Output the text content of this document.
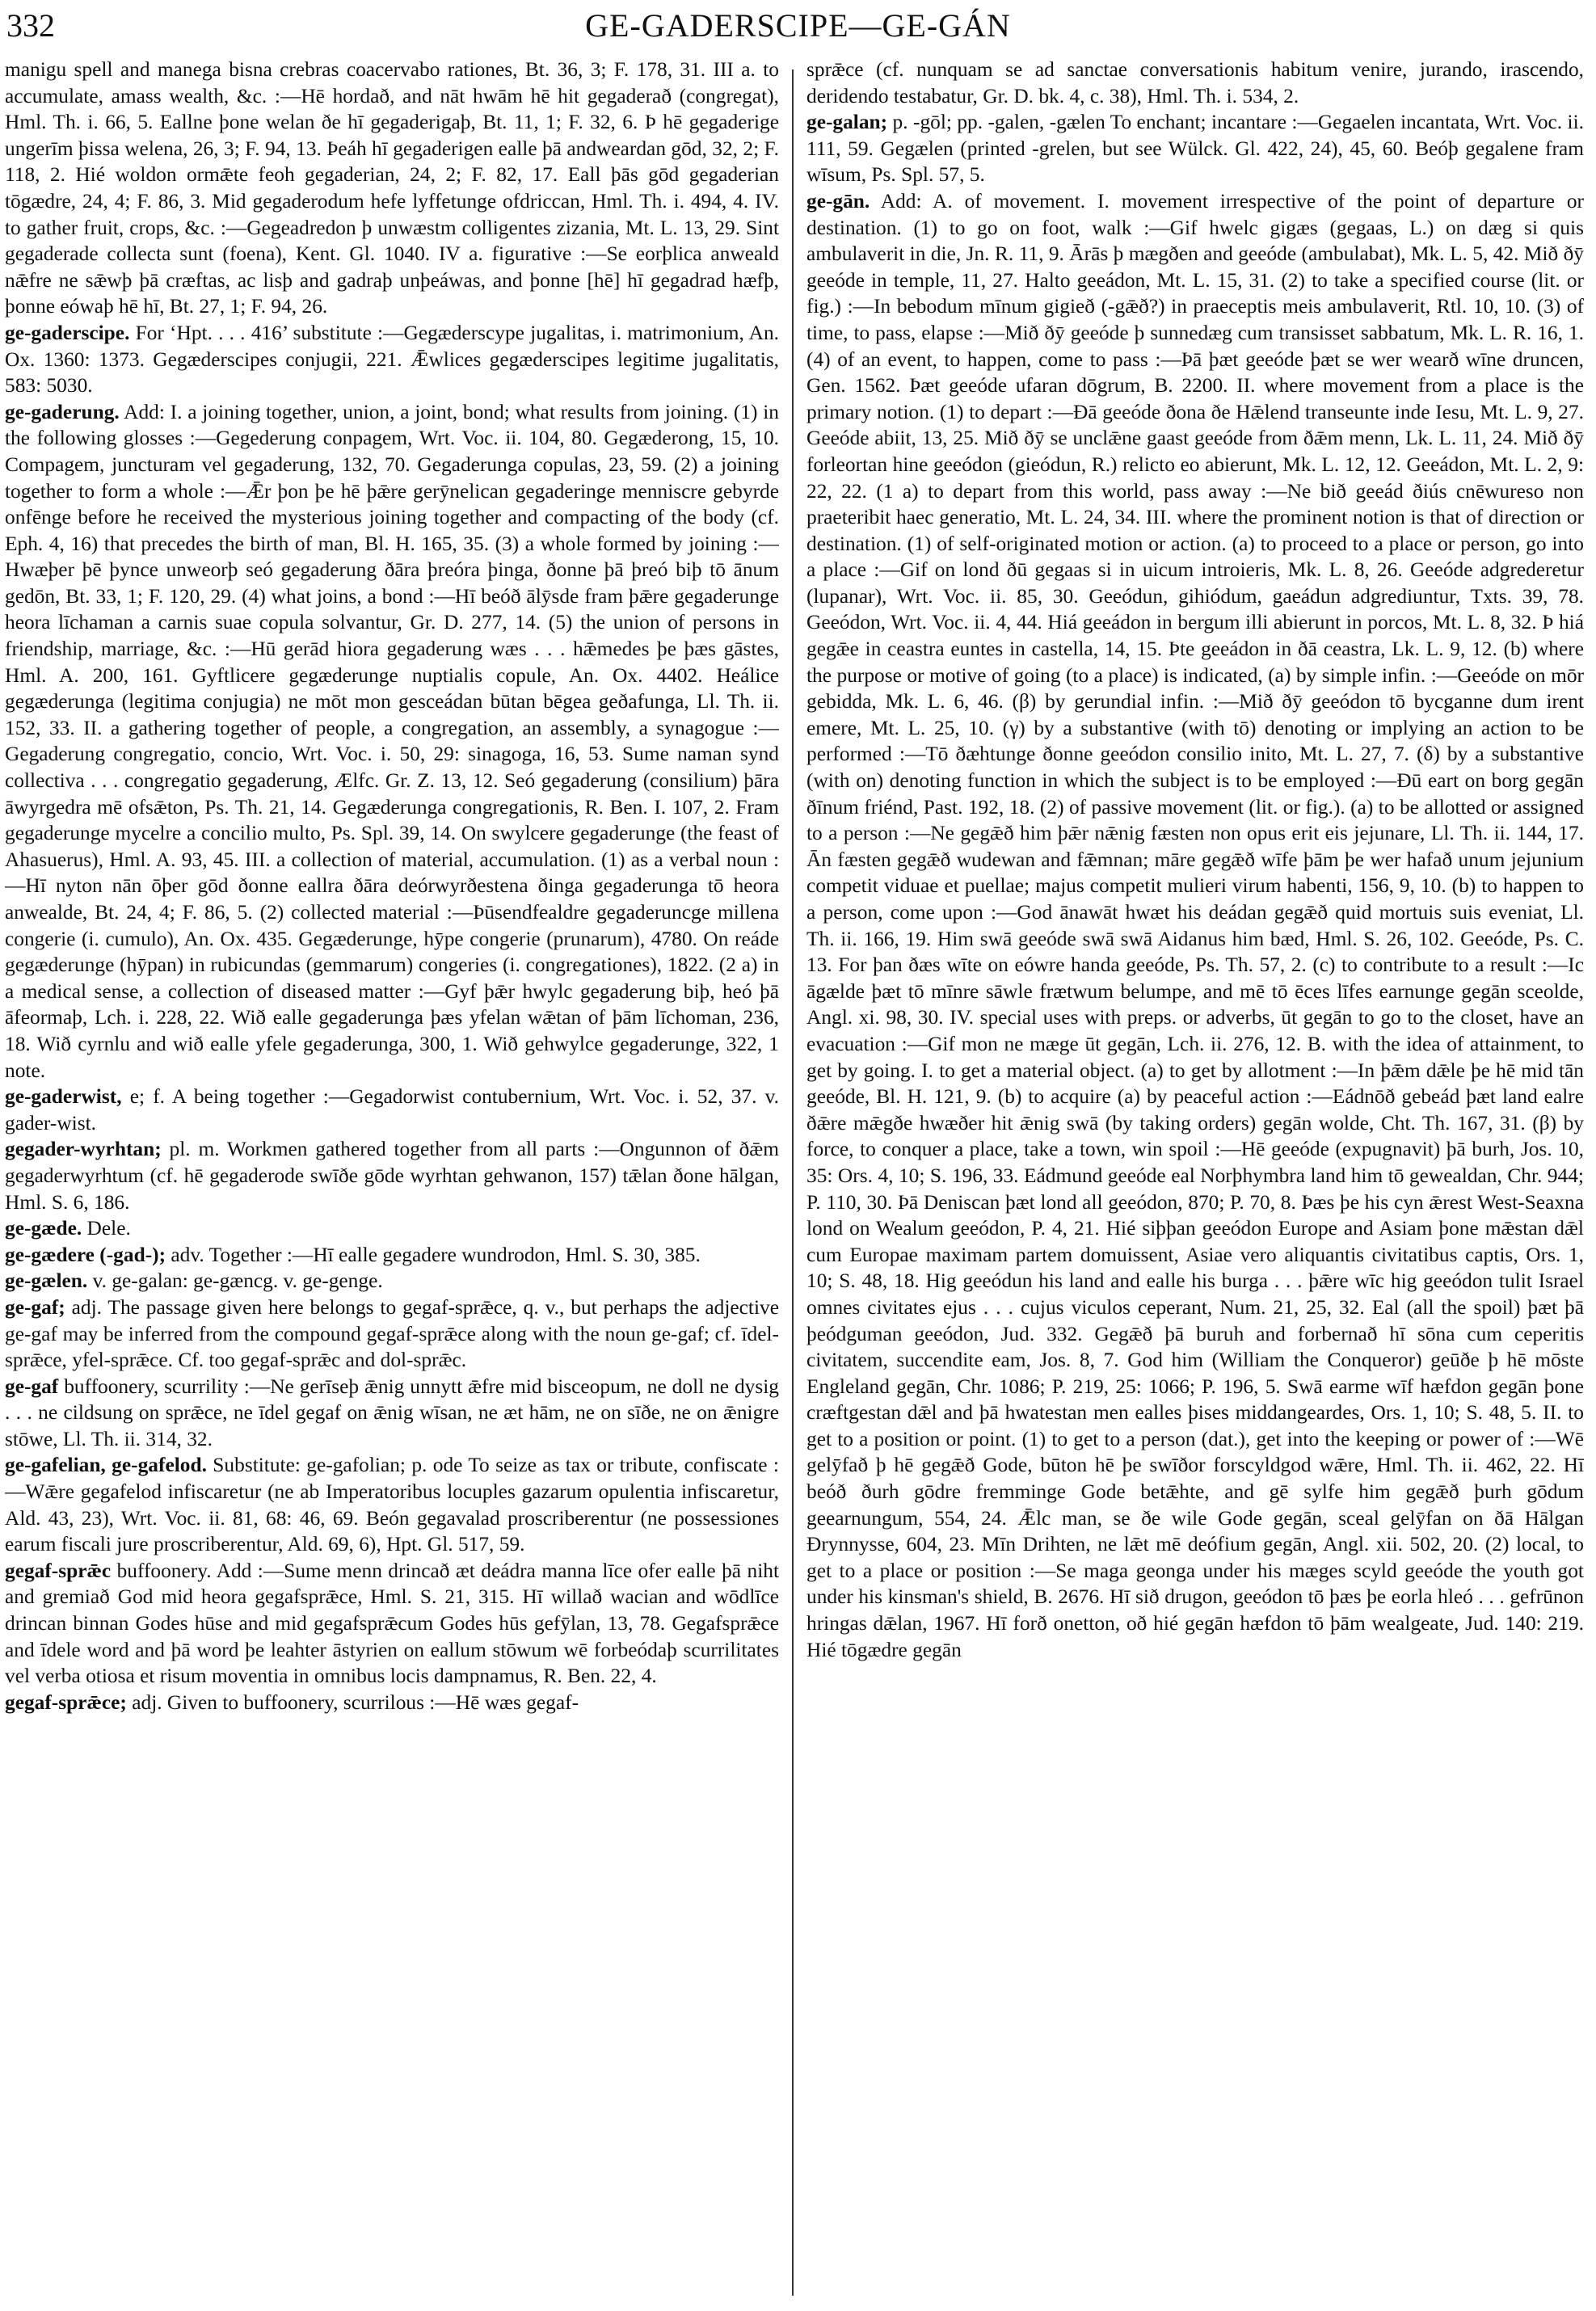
332	GE-GADERSCIPE—GE-GÁN

manigu spell and manega bisna crebras coacervabo rationes, Bt. 36, 3; F. 178, 31. III a. to accumulate, amass wealth, &c. :—Hē hordað, and nāt hwām hē hit gegaderað (congregat), Hml. Th. i. 66, 5. Eallne þone welan ðe hī gegaderigaþ, Bt. 11, 1; F. 32, 6. Þ hē gegaderige ungerīm þissa welena, 26, 3; F. 94, 13. Þeáh hī gegaderigen ealle þā andweardan gōd, 32, 2; F. 118, 2. Hié woldon ormǣte feoh gegaderian, 24, 2; F. 82, 17. Eall þās gōd gegaderian tōgædre, 24, 4; F. 86, 3. Mid gegaderodum hefe lyffetunge ofdriccan, Hml. Th. i. 494, 4. IV. to gather fruit, crops, &c. :—Gegeadredon þ unwæstm colligentes zizania, Mt. L. 13, 29. Sint gegaderade collecta sunt (foena), Kent. Gl. 1040. IV a. figurative :—Se eorþlica anweald nǣfre ne sǣwþ þā cræftas, ac lisþ and gadraþ unþeáwas, and þonne [hē] hī gegadrad hæfþ, þonne eówaþ hē hī, Bt. 27, 1; F. 94, 26.

ge-gaderscipe. For ‘Hpt. . . . 416’ substitute :—Gegæderscype jugalitas, i. matrimonium, An. Ox. 1360: 1373. Gegæderscipes conjugii, 221. Ǣwlices gegæderscipes legitime jugalitatis, 583: 5030.

ge-gaderung. Add: I. a joining together, union, a joint, bond; what results from joining. (1) in the following glosses :—Gegederung conpagem, Wrt. Voc. ii. 104, 80. Gegæderong, 15, 10. Compagem, juncturam vel gegaderung, 132, 70. Gegaderunga copulas, 23, 59. (2) a joining together to form a whole :—Ǣr þon þe hē þǣre gerȳnelican gegaderinge menniscre gebyrde onfēnge before he received the mysterious joining together and compacting of the body (cf. Eph. 4, 16) that precedes the birth of man, Bl. H. 165, 35. (3) a whole formed by joining :—Hwæþer þē þynce unweorþ seó gegaderung ðāra þreóra þinga, ðonne þā þreó biþ tō ānum gedōn, Bt. 33, 1; F. 120, 29. (4) what joins, a bond :—Hī beóð ālȳsde fram þǣre gegaderunge heora līchaman a carnis suae copula solvantur, Gr. D. 277, 14. (5) the union of persons in friendship, marriage, &c. :—Hū gerād hiora gegaderung wæs . . . hǣmedes þe þæs gāstes, Hml. A. 200, 161. Gyftlicere gegæderunge nuptialis copule, An. Ox. 4402. Heálice gegæderunga (legitima conjugia) ne mōt mon gesceádan būtan bēgea geðafunga, Ll. Th. ii. 152, 33. II. a gathering together of people, a congregation, an assembly, a synagogue :—Gegaderung congregatio, concio, Wrt. Voc. i. 50, 29: sinagoga, 16, 53. Sume naman synd collectiva . . . congregatio gegaderung, Ælfc. Gr. Z. 13, 12. Seó gegaderung (consilium) þāra āwyrgedra mē ofsǣton, Ps. Th. 21, 14. Gegæderunga congregationis, R. Ben. I. 107, 2. Fram gegaderunge mycelre a concilio multo, Ps. Spl. 39, 14. On swylcere gegaderunge (the feast of Ahasuerus), Hml. A. 93, 45. III. a collection of material, accumulation. (1) as a verbal noun :—Hī nyton nān ōþer gōd ðonne eallra ðāra deórwyrðestena ðinga gegaderunga tō heora anwealde, Bt. 24, 4; F. 86, 5. (2) collected material :—Þūsendfealdre gegaderuncge millena congerie (i. cumulo), An. Ox. 435. Gegæderunge, hȳpe congerie (prunarum), 4780. On reáde gegæderunge (hȳpan) in rubicundas (gemmarum) congeries (i. congregationes), 1822. (2 a) in a medical sense, a collection of diseased matter :—Gyf þǣr hwylc gegaderung biþ, heó þā āfeormaþ, Lch. i. 228, 22. Wið ealle gegaderunga þæs yfelan wǣtan of þām līchoman, 236, 18. Wið cyrnlu and wið ealle yfele gegaderunga, 300, 1. Wið gehwylce gegaderunge, 322, 1 note.

ge-gaderwist, e; f. A being together :—Gegadorwist contubernium, Wrt. Voc. i. 52, 37. v. gader-wist.

gegader-wyrhtan; pl. m. Workmen gathered together from all parts :—Ongunnon of ðǣm gegaderwyrhtum (cf. hē gegaderode swīðe gōde wyrhtan gehwanon, 157) tǣlan ðone hālgan, Hml. S. 6, 186.

ge-gæde. Dele.

ge-gædere (-gad-); adv. Together :—Hī ealle gegadere wundrodon, Hml. S. 30, 385.

ge-gælen. v. ge-galan: ge-gæncg. v. ge-genge.

ge-gaf; adj. The passage given here belongs to gegaf-sprǣce, q. v., but perhaps the adjective ge-gaf may be inferred from the compound gegaf-sprǣce along with the noun ge-gaf; cf. īdel-sprǣce, yfel-sprǣce. Cf. too gegaf-sprǣc and dol-sprǣc.

ge-gaf buffoonery, scurrility :—Ne gerīseþ ǣnig unnytt ǣfre mid bisceopum, ne doll ne dysig . . . ne cildsung on sprǣce, ne īdel gegaf on ǣnig wīsan, ne æt hām, ne on sīðe, ne on ǣnigre stōwe, Ll. Th. ii. 314, 32.

ge-gafelian, ge-gafelod. Substitute: ge-gafolian; p. ode To seize as tax or tribute, confiscate :—Wǣre gegafelod infiscaretur (ne ab Imperatoribus locuples gazarum opulentia infiscaretur, Ald. 43, 23), Wrt. Voc. ii. 81, 68: 46, 69. Beón gegavalad proscriberentur (ne possessiones earum fiscali jure proscriberentur, Ald. 69, 6), Hpt. Gl. 517, 59.

gegaf-sprǣc buffoonery. Add :—Sume menn drincað æt deádra manna līce ofer ealle þā niht and gremiað God mid heora gegafsprǣce, Hml. S. 21, 315. Hī willað wacian and wōdlīce drincan binnan Godes hūse and mid gegafsprǣcum Godes hūs gefȳlan, 13, 78. Gegafsprǣce and īdele word and þā word þe leahter āstyrien on eallum stōwum wē forbeódaþ scurrilitates vel verba otiosa et risum moventia in omnibus locis dampnamus, R. Ben. 22, 4.

gegaf-sprǣce; adj. Given to buffoonery, scurrilous :—Hē wæs gegaf-

sprǣce (cf. nunquam se ad sanctae conversationis habitum venire, jurando, irascendo, deridendo testabatur, Gr. D. bk. 4, c. 38), Hml. Th. i. 534, 2.

ge-galan; p. -gōl; pp. -galen, -gælen To enchant; incantare :—Gegaelen incantata, Wrt. Voc. ii. 111, 59. Gegælen (printed -grelen, but see Wülck. Gl. 422, 24), 45, 60. Beóþ gegalene fram wīsum, Ps. Spl. 57, 5.

ge-gān. Add: A. of movement. I. movement irrespective of the point of departure or destination. (1) to go on foot, walk :—Gif hwelc gigæs (gegaas, L.) on dæg si quis ambulaverit in die, Jn. R. 11, 9. Ārās þ mægðen and geeóde (ambulabat), Mk. L. 5, 42. Mið ðȳ geeóde in temple, 11, 27. Halto geeádon, Mt. L. 15, 31. (2) to take a specified course (lit. or fig.) :—In bebodum mīnum gigieð (-gǣð?) in praeceptis meis ambulaverit, Rtl. 10, 10. (3) of time, to pass, elapse :—Mið ðȳ geeóde þ sunnedæg cum transisset sabbatum, Mk. L. R. 16, 1. (4) of an event, to happen, come to pass :—Þā þæt geeóde þæt se wer wearð wīne druncen, Gen. 1562. Þæt geeóde ufaran dōgrum, B. 2200. II. where movement from a place is the primary notion. (1) to depart :—Ðā geeóde ðona ðe Hǣlend transeunte inde Iesu, Mt. L. 9, 27. Geeóde abiit, 13, 25. Mið ðȳ se unclǣne gaast geeóde from ðǣm menn, Lk. L. 11, 24. Mið ðȳ forleortan hine geeódon (gieódun, R.) relicto eo abierunt, Mk. L. 12, 12. Geeádon, Mt. L. 2, 9: 22, 22. (1 a) to depart from this world, pass away :—Ne bið geeád ðiús cnēwureso non praeteribit haec generatio, Mt. L. 24, 34. III. where the prominent notion is that of direction or destination. (1) of self-originated motion or action. (a) to proceed to a place or person, go into a place :—Gif on lond ðū gegaas si in uicum introieris, Mk. L. 8, 26. Geeóde adgrederetur (lupanar), Wrt. Voc. ii. 85, 30. Geeódun, gihiódum, gaeádun adgrediuntur, Txts. 39, 78. Geeódon, Wrt. Voc. ii. 4, 44. Hiá geeádon in bergum illi abierunt in porcos, Mt. L. 8, 32. Þ hiá gegǣe in ceastra euntes in castella, 14, 15. Þte geeádon in ðā ceastra, Lk. L. 9, 12. (b) where the purpose or motive of going (to a place) is indicated, (a) by simple infin. :—Geeóde on mōr gebidda, Mk. L. 6, 46. (β) by gerundial infin. :—Mið ðȳ geeódon tō bycganne dum irent emere, Mt. L. 25, 10. (γ) by a substantive (with tō) denoting or implying an action to be performed :—Tō ðæhtunge ðonne geeódon consilio inito, Mt. L. 27, 7. (δ) by a substantive (with on) denoting function in which the subject is to be employed :—Ðū eart on borg gegān ðīnum friénd, Past. 192, 18. (2) of passive movement (lit. or fig.). (a) to be allotted or assigned to a person :—Ne gegǣð him þǣr nǣnig fæsten non opus erit eis jejunare, Ll. Th. ii. 144, 17. Ān fæsten gegǣð wudewan and fǣmnan; māre gegǣð wīfe þām þe wer hafað unum jejunium competit viduae et puellae; majus competit mulieri virum habenti, 156, 9, 10. (b) to happen to a person, come upon :—God ānawāt hwæt his deádan gegǣð quid mortuis suis eveniat, Ll. Th. ii. 166, 19. Him swā geeóde swā swā Aidanus him bæd, Hml. S. 26, 102. Geeóde, Ps. C. 13. For þan ðæs wīte on eówre handa geeóde, Ps. Th. 57, 2. (c) to contribute to a result :—Ic āgælde þæt tō mīnre sāwle frætwum belumpe, and mē tō ēces līfes earnunge gegān sceolde, Angl. xi. 98, 30. IV. special uses with preps. or adverbs, ūt gegān to go to the closet, have an evacuation :—Gif mon ne mæge ūt gegān, Lch. ii. 276, 12. B. with the idea of attainment, to get by going. I. to get a material object. (a) to get by allotment :—In þǣm dǣle þe hē mid tān geeóde, Bl. H. 121, 9. (b) to acquire (a) by peaceful action :—Eádnōð gebeád þæt land ealre ðǣre mǣgðe hwæðer hit ǣnig swā (by taking orders) gegān wolde, Cht. Th. 167, 31. (β) by force, to conquer a place, take a town, win spoil :—Hē geeóde (expugnavit) þā burh, Jos. 10, 35: Ors. 4, 10; S. 196, 33. Eádmund geeóde eal Norþhymbra land him tō gewealdan, Chr. 944; P. 110, 30. Þā Deniscan þæt lond all geeódon, 870; P. 70, 8. Þæs þe his cyn ǣrest West-Seaxna lond on Wealum geeódon, P. 4, 21. Hié siþþan geeódon Europe and Asiam þone mǣstan dǣl cum Europae maximam partem domuissent, Asiae vero aliquantis civitatibus captis, Ors. 1, 10; S. 48, 18. Hig geeódun his land and ealle his burga . . . þǣre wīc hig geeódon tulit Israel omnes civitates ejus . . . cujus viculos ceperant, Num. 21, 25, 32. Eal (all the spoil) þæt þā þeódguman geeódon, Jud. 332. Gegǣð þā buruh and forbernað hī sōna cum ceperitis civitatem, succendite eam, Jos. 8, 7. God him (William the Conqueror) geūðe þ hē mōste Engleland gegān, Chr. 1086; P. 219, 25: 1066; P. 196, 5. Swā earme wīf hæfdon gegān þone cræftgestan dǣl and þā hwatestan men ealles þises middangeardes, Ors. 1, 10; S. 48, 5. II. to get to a position or point. (1) to get to a person (dat.), get into the keeping or power of :—Wē gelȳfað þ hē gegǣð Gode, būton hē þe swīðor forscyldgod wǣre, Hml. Th. ii. 462, 22. Hī beóð ðurh gōdre fremminge Gode betǣhte, and gē sylfe him gegǣð þurh gōdum geearnungum, 554, 24. Ǣlc man, se ðe wile Gode gegān, sceal gelȳfan on ðā Hālgan Ðrynnysse, 604, 23. Mīn Drihten, ne lǣt mē deófium gegān, Angl. xii. 502, 20. (2) local, to get to a place or position :—Se maga geonga under his mæges scyld geeóde the youth got under his kinsman's shield, B. 2676. Hī sið drugon, geeódon tō þæs þe eorla hleó . . . gefrūnon hringas dǣlan, 1967. Hī forð onetton, oð hié gegān hæfdon tō þām wealgeate, Jud. 140: 219. Hié tōgædre gegān
